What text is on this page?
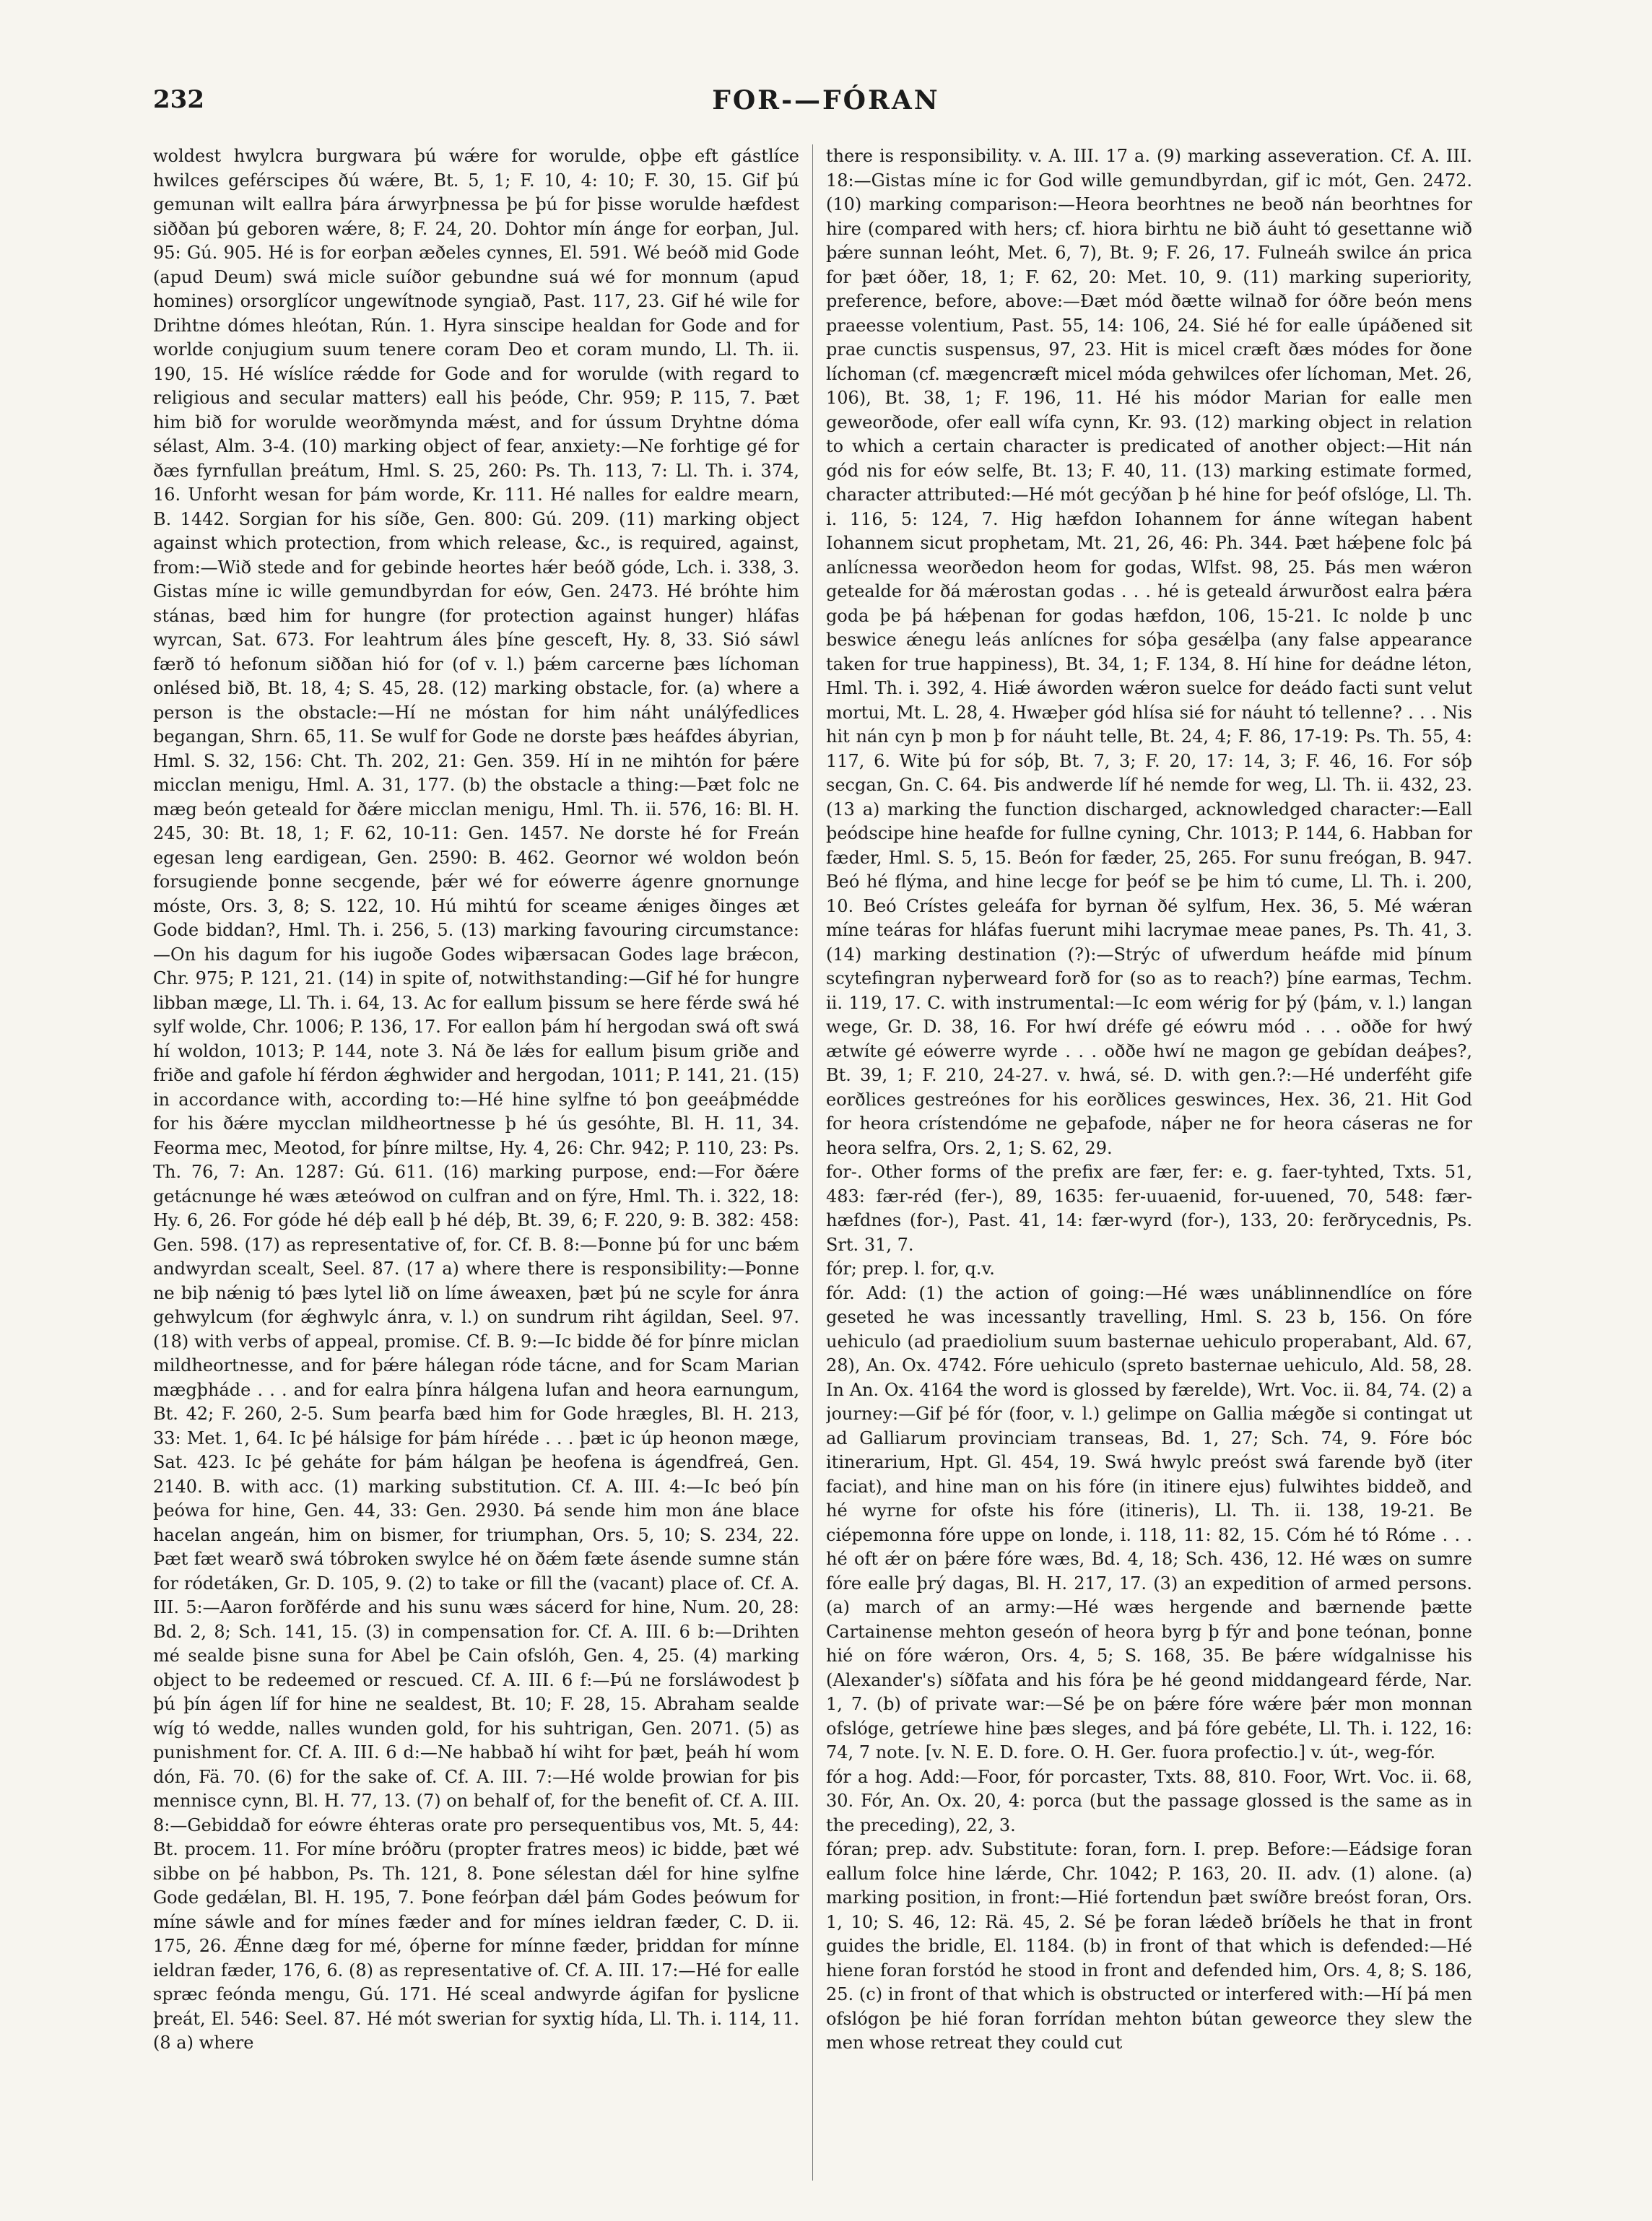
232	FOR-—FÓRAN

woldest hwylcra burgwara þú wǽre for worulde, oþþe eft gástlíce hwilces geférscipes ðú wǽre, Bt. 5, 1; F. 10, 4: 10; F. 30, 15. Gif þú gemunan wilt eallra þára árwyrþnessa þe þú for þisse worulde hæfdest siððan þú geboren wǽre, 8; F. 24, 20. Dohtor mín ánge for eorþan, Jul. 95: Gú. 905. Hé is for eorþan æðeles cynnes, El. 591. Wé beóð mid Gode (apud Deum) swá micle suíðor gebundne suá wé for monnum (apud homines) orsorglícor ungewítnode syngiað, Past. 117, 23. Gif hé wile for Drihtne dómes hleótan, Rún. 1. Hyra sinscipe healdan for Gode and for worlde conjugium suum tenere coram Deo et coram mundo, Ll. Th. ii. 190, 15. Hé wíslíce rǽdde for Gode and for worulde (with regard to religious and secular matters) eall his þeóde, Chr. 959; P. 115, 7. Þæt him bið for worulde weorðmynda mǽst, and for ússum Dryhtne dóma sélast, Alm. 3-4. (10) marking object of fear, anxiety:—Ne forhtige gé for ðæs fyrnfullan þreátum, Hml. S. 25, 260: Ps. Th. 113, 7: Ll. Th. i. 374, 16. Unforht wesan for þám worde, Kr. 111. Hé nalles for ealdre mearn, B. 1442. Sorgian for his síðe, Gen. 800: Gú. 209. (11) marking object against which protection, from which release, &c., is required, against, from:—Wið stede and for gebinde heortes hǽr beóð góde, Lch. i. 338, 3. Gistas míne ic wille gemundbyrdan for eów, Gen. 2473. Hé bróhte him stánas, bæd him for hungre (for protection against hunger) hláfas wyrcan, Sat. 673. For leahtrum áles þíne gesceft, Hy. 8, 33. Sió sáwl færð tó hefonum siððan hió for (of v. l.) þǽm carcerne þæs líchoman onlésed bið, Bt. 18, 4; S. 45, 28. (12) marking obstacle, for. (a) where a person is the obstacle:—Hí ne móstan for him náht unálýfedlices begangan, Shrn. 65, 11. Se wulf for Gode ne dorste þæs heáfdes ábyrian, Hml. S. 32, 156: Cht. Th. 202, 21: Gen. 359. Hí in ne mihtón for þǽre micclan menigu, Hml. A. 31, 177. (b) the obstacle a thing:—Þæt folc ne mæg beón geteald for ðǽre micclan menigu, Hml. Th. ii. 576, 16: Bl. H. 245, 30: Bt. 18, 1; F. 62, 10-11: Gen. 1457. Ne dorste hé for Freán egesan leng eardigean, Gen. 2590: B. 462. Geornor wé woldon beón forsugiende þonne secgende, þǽr wé for eówerre ágenre gnornunge móste, Ors. 3, 8; S. 122, 10. Hú mihtú for sceame ǽniges ðinges æt Gode biddan?, Hml. Th. i. 256, 5. (13) marking favouring circumstance:—On his dagum for his iugoðe Godes wiþærsacan Godes lage brǽcon, Chr. 975; P. 121, 21. (14) in spite of, notwithstanding:—Gif hé for hungre libban mæge, Ll. Th. i. 64, 13. Ac for eallum þissum se here férde swá hé sylf wolde, Chr. 1006; P. 136, 17. For eallon þám hí hergodan swá oft swá hí woldon, 1013; P. 144, note 3. Ná ðe lǽs for eallum þisum griðe and friðe and gafole hí férdon ǽghwider and hergodan, 1011; P. 141, 21. (15) in accordance with, according to:—Hé hine sylfne tó þon geeáþmédde for his ðǽre mycclan mildheortnesse þ hé ús gesóhte, Bl. H. 11, 34. Feorma mec, Meotod, for þínre miltse, Hy. 4, 26: Chr. 942; P. 110, 23: Ps. Th. 76, 7: An. 1287: Gú. 611. (16) marking purpose, end:—For ðǽre getácnunge hé wæs æteówod on culfran and on fýre, Hml. Th. i. 322, 18: Hy. 6, 26. For góde hé déþ eall þ hé déþ, Bt. 39, 6; F. 220, 9: B. 382: 458: Gen. 598. (17) as representative of, for. Cf. B. 8:—Þonne þú for unc bǽm andwyrdan scealt, Seel. 87. (17 a) where there is responsibility:—Þonne ne biþ nǽnig tó þæs lytel lið on líme áweaxen, þæt þú ne scyle for ánra gehwylcum (for ǽghwylc ánra, v. l.) on sundrum riht ágildan, Seel. 97. (18) with verbs of appeal, promise. Cf. B. 9:—Ic bidde ðé for þínre miclan mildheortnesse, and for þǽre hálegan róde tácne, and for Scam Marian mægþháde . . . and for ealra þínra hálgena lufan and heora earnungum, Bt. 42; F. 260, 2-5. Sum þearfa bæd him for Gode hrægles, Bl. H. 213, 33: Met. 1, 64. Ic þé hálsige for þám híréde . . . þæt ic úp heonon mæge, Sat. 423. Ic þé geháte for þám hálgan þe heofena is ágendfreá, Gen. 2140. B. with acc. (1) marking substitution. Cf. A. III. 4:—Ic beó þín þeówa for hine, Gen. 44, 33: Gen. 2930. Þá sende him mon áne blace hacelan angeán, him on bismer, for triumphan, Ors. 5, 10; S. 234, 22. Þæt fæt wearð swá tóbroken swylce hé on ðǽm fæte ásende sumne stán for ródetáken, Gr. D. 105, 9. (2) to take or fill the (vacant) place of. Cf. A. III. 5:—Aaron forðférde and his sunu wæs sácerd for hine, Num. 20, 28: Bd. 2, 8; Sch. 141, 15. (3) in compensation for. Cf. A. III. 6 b:—Drihten mé sealde þisne suna for Abel þe Cain ofslóh, Gen. 4, 25. (4) marking object to be redeemed or rescued. Cf. A. III. 6 f:—Þú ne forsláwodest þ þú þín ágen líf for hine ne sealdest, Bt. 10; F. 28, 15. Abraham sealde wíg tó wedde, nalles wunden gold, for his suhtrigan, Gen. 2071. (5) as punishment for. Cf. A. III. 6 d:—Ne habbað hí wiht for þæt, þeáh hí wom dón, Fä. 70. (6) for the sake of. Cf. A. III. 7:—Hé wolde þrowian for þis mennisce cynn, Bl. H. 77, 13. (7) on behalf of, for the benefit of. Cf. A. III. 8:—Gebiddað for eówre éhteras orate pro persequentibus vos, Mt. 5, 44: Bt. procem. 11. For míne bróðru (propter fratres meos) ic bidde, þæt wé sibbe on þé habbon, Ps. Th. 121, 8. Þone sélestan dǽl for hine sylfne Gode gedǽlan, Bl. H. 195, 7. Þone feórþan dǽl þám Godes þeówum for míne sáwle and for mínes fæder and for mínes ieldran fæder, C. D. ii. 175, 26. Ǽnne dæg for mé, óþerne for mínne fæder, þriddan for mínne ieldran fæder, 176, 6. (8) as representative of. Cf. A. III. 17:—Hé for ealle spræc feónda mengu, Gú. 171. Hé sceal andwyrde ágifan for þyslicne þreát, El. 546: Seel. 87. Hé mót swerian for syxtig hída, Ll. Th. i. 114, 11. (8 a) where

there is responsibility. v. A. III. 17 a. (9) marking asseveration. Cf. A. III. 18:—Gistas míne ic for God wille gemundbyrdan, gif ic mót, Gen. 2472. (10) marking comparison:—Heora beorhtnes ne beoð nán beorhtnes for hire (compared with hers; cf. hiora birhtu ne bið áuht tó gesettanne wið þǽre sunnan leóht, Met. 6, 7), Bt. 9; F. 26, 17. Fulneáh swilce án prica for þæt óðer, 18, 1; F. 62, 20: Met. 10, 9. (11) marking superiority, preference, before, above:—Ðæt mód ðætte wilnað for óðre beón mens praeesse volentium, Past. 55, 14: 106, 24. Sié hé for ealle úpáðened sit prae cunctis suspensus, 97, 23. Hit is micel cræft ðæs módes for ðone líchoman (cf. mægencræft micel móda gehwilces ofer líchoman, Met. 26, 106), Bt. 38, 1; F. 196, 11. Hé his módor Marian for ealle men geweorðode, ofer eall wífa cynn, Kr. 93. (12) marking object in relation to which a certain character is predicated of another object:—Hit nán gód nis for eów selfe, Bt. 13; F. 40, 11. (13) marking estimate formed, character attributed:—Hé mót gecýðan þ hé hine for þeóf ofslóge, Ll. Th. i. 116, 5: 124, 7. Hig hæfdon Iohannem for ánne wítegan habent Iohannem sicut prophetam, Mt. 21, 26, 46: Ph. 344. Þæt hǽþene folc þá anlícnessa weorðedon heom for godas, Wlfst. 98, 25. Þás men wǽron getealde for ðá mǽrostan godas . . . hé is geteald árwurðost ealra þǽra goda þe þá hǽþenan for godas hæfdon, 106, 15-21. Ic nolde þ unc beswice ǽnegu leás anlícnes for sóþa gesǽlþa (any false appearance taken for true happiness), Bt. 34, 1; F. 134, 8. Hí hine for deádne léton, Hml. Th. i. 392, 4. Hiǽ áworden wǽron suelce for deádo facti sunt velut mortui, Mt. L. 28, 4. Hwæþer gód hlísa sié for náuht tó tellenne? . . . Nis hit nán cyn þ mon þ for náuht telle, Bt. 24, 4; F. 86, 17-19: Ps. Th. 55, 4: 117, 6. Wite þú for sóþ, Bt. 7, 3; F. 20, 17: 14, 3; F. 46, 16. For sóþ secgan, Gn. C. 64. Þis andwerde líf hé nemde for weg, Ll. Th. ii. 432, 23. (13 a) marking the function discharged, acknowledged character:—Eall þeódscipe hine heafde for fullne cyning, Chr. 1013; P. 144, 6. Habban for fæder, Hml. S. 5, 15. Beón for fæder, 25, 265. For sunu freógan, B. 947. Beó hé flýma, and hine lecge for þeóf se þe him tó cume, Ll. Th. i. 200, 10. Beó Crístes geleáfa for byrnan ðé sylfum, Hex. 36, 5. Mé wǽran míne teáras for hláfas fuerunt mihi lacrymae meae panes, Ps. Th. 41, 3. (14) marking destination (?):—Strýc of ufwerdum heáfde mid þínum scytefingran nyþerweard forð for (so as to reach?) þíne earmas, Techm. ii. 119, 17. C. with instrumental:—Ic eom wérig for þý (þám, v. l.) langan wege, Gr. D. 38, 16. For hwí dréfe gé eówru mód . . . oððe for hwý ætwíte gé eówerre wyrde . . . oððe hwí ne magon ge gebídan deáþes?, Bt. 39, 1; F. 210, 24-27. v. hwá, sé. D. with gen.?:—Hé underféht gife eorðlices gestreónes for his eorðlices geswinces, Hex. 36, 21. Hit God for heora crístendóme ne geþafode, náþer ne for heora cáseras ne for heora selfra, Ors. 2, 1; S. 62, 29.

for-. Other forms of the prefix are fær, fer: e. g. faer-tyhted, Txts. 51, 483: fær-réd (fer-), 89, 1635: fer-uuaenid, for-uuened, 70, 548: fær-hæfdnes (for-), Past. 41, 14: fær-wyrd (for-), 133, 20: ferðrycednis, Ps. Srt. 31, 7.

fór; prep. l. for, q.v.

fór. Add: (1) the action of going:—Hé wæs unáblinnendlíce on fóre geseted he was incessantly travelling, Hml. S. 23 b, 156. On fóre uehiculo (ad praediolium suum basternae uehiculo properabant, Ald. 67, 28), An. Ox. 4742. Fóre uehiculo (spreto basternae uehiculo, Ald. 58, 28. In An. Ox. 4164 the word is glossed by færelde), Wrt. Voc. ii. 84, 74. (2) a journey:—Gif þé fór (foor, v. l.) gelimpe on Gallia mǽgðe si contingat ut ad Galliarum provinciam transeas, Bd. 1, 27; Sch. 74, 9. Fóre bóc itinerarium, Hpt. Gl. 454, 19. Swá hwylc preóst swá farende byð (iter faciat), and hine man on his fóre (in itinere ejus) fulwihtes biddeð, and hé wyrne for ofste his fóre (itineris), Ll. Th. ii. 138, 19-21. Be ciépemonna fóre uppe on londe, i. 118, 11: 82, 15. Cóm hé tó Róme . . . hé oft ǽr on þǽre fóre wæs, Bd. 4, 18; Sch. 436, 12. Hé wæs on sumre fóre ealle þrý dagas, Bl. H. 217, 17. (3) an expedition of armed persons. (a) march of an army:—Hé wæs hergende and bærnende þætte Cartainense mehton geseón of heora byrg þ fýr and þone teónan, þonne hié on fóre wǽron, Ors. 4, 5; S. 168, 35. Be þǽre wídgalnisse his (Alexander's) síðfata and his fóra þe hé geond middangeard férde, Nar. 1, 7. (b) of private war:—Sé þe on þǽre fóre wǽre þǽr mon monnan ofslóge, getríewe hine þæs sleges, and þá fóre gebéte, Ll. Th. i. 122, 16: 74, 7 note. [v. N. E. D. fore. O. H. Ger. fuora profectio.] v. út-, weg-fór.

fór a hog. Add:—Foor, fór porcaster, Txts. 88, 810. Foor, Wrt. Voc. ii. 68, 30. Fór, An. Ox. 20, 4: porca (but the passage glossed is the same as in the preceding), 22, 3.

fóran; prep. adv. Substitute: foran, forn. I. prep. Before:—Eádsige foran eallum folce hine lǽrde, Chr. 1042; P. 163, 20. II. adv. (1) alone. (a) marking position, in front:—Hié fortendun þæt swíðre breóst foran, Ors. 1, 10; S. 46, 12: Rä. 45, 2. Sé þe foran lǽdeð bríðels he that in front guides the bridle, El. 1184. (b) in front of that which is defended:—Hé hiene foran forstód he stood in front and defended him, Ors. 4, 8; S. 186, 25. (c) in front of that which is obstructed or interfered with:—Hí þá men ofslógon þe hié foran forrídan mehton bútan geweorce they slew the men whose retreat they could cut
